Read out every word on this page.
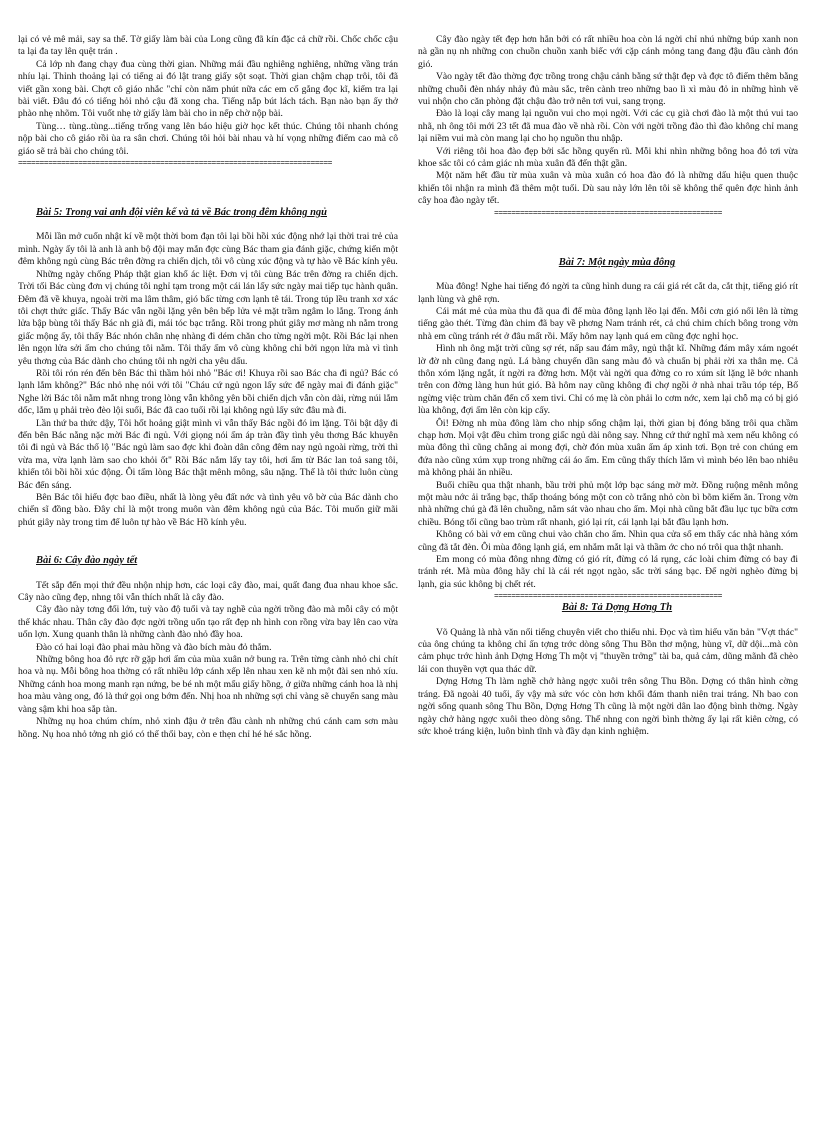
lại có vẻ mê mải, say sa thế. Tờ giấy làm bài của Long cũng đã kín đặc cả chữ rồi. Chốc chốc cậu ta lại đa tay lên quệt trán .

Cả lớp nh đang chạy đua cùng thời gian. Những mái đầu nghiêng nghiêng, những vầng trán nhíu lại. Thỉnh thoảng lại có tiếng ai đó lật trang giấy sột soạt. Thời gian chậm chạp trôi, tôi đã viết gần xong bài. Chợt cô giáo nhắc "chỉ còn năm phút nữa các em cố gắng đọc kĩ, kiểm tra lại bài viết. Đâu đó có tiếng hỏi nhỏ cậu đã xong cha. Tiếng nắp bút lách tách. Bạn nào bạn ấy thở phào nhẹ nhõm. Tôi vuốt nhẹ tờ giấy làm bài cho in nếp chờ nộp bài.

Tùng… tùng..tùng...tiếng trống vang lên báo hiệu giờ học kết thúc. Chúng tôi nhanh chóng nộp bài cho cô giáo rồi ùa ra sân chơi. Chúng tôi hỏi bài nhau và hí vọng những điểm cao mà cô giáo sẽ trả bài cho chúng tôi.

=========================================================================

Bài 5: Trong vai anh đội viên kể và tả về Bác trong đêm không ngủ

Mỗi lần mở cuốn nhật kí về một thời bom đạn tôi lại bồi hồi xúc động nhớ lại thời trai trẻ của mình. Ngày ấy tôi là anh là anh bộ đội may mắn đợc cùng Bác tham gia đánh giặc, chứng kiến một đêm không ngủ cùng Bác trên đờng ra chiến dịch, tôi vô cùng xúc động và tự hào về Bác kính yêu.

Những ngày chống Pháp thật gian khổ ác liệt. Đơn vị tôi cùng Bác trên đờng ra chiến dịch. Trời tối Bác cùng đơn vị chúng tôi nghỉ tạm trong một cái lán lấy sức ngày mai tiếp tục hành quân. Đêm đã về khuya, ngoài trời ma lâm thâm, gió bấc từng cơn lạnh tê tái. Trong túp lều tranh xơ xác tôi chợt thức giấc. Thấy Bác vẫn ngồi lặng yên bên bếp lửa vẻ mặt trầm ngâm lo lắng. Trong ánh lửa bập bùng tôi thấy Bác nh già đi, mái tóc bạc trắng. Rồi trong phút giây mơ màng nh nằm trong giấc mộng ấy, tôi thấy Bác nhón chân nhẹ nhàng đi dém chăn cho từng ngời một. Rồi Bác lại nhen lên ngọn lửa sởi ấm cho chúng tôi nằm. Tôi thấy ấm vô cùng không chỉ bởi ngọn lửa mà vì tình yêu thơng của Bác dành cho chúng tôi nh ngời cha yêu dấu.

Rồi tôi rón rén đến bên Bác thì thầm hỏi nhỏ "Bác ơi! Khuya rồi sao Bác cha đi ngủ? Bác có lạnh lắm không?" Bác nhỏ nhẹ nói với tôi "Cháu cứ ngủ ngon lấy sức để ngày mai đi đánh giặc" Nghe lời Bác tôi nằm mắt nhng trong lòng vẫn không yên bồi chiến dịch vẫn còn dài, rừng núi lắm dốc, lắm ụ phải trèo đèo lội suối, Bác đã cao tuổi rồi lại không ngủ lấy sức đâu mà đi.

Lần thứ ba thức dậy, Tôi hốt hoảng giật mình vì vẫn thấy Bác ngồi đó im lặng. Tôi bật dậy đi đến bên Bác nằng nặc mời Bác đi ngủ. Với giọng nói ấm áp tràn đầy tình yêu thơng Bác khuyên tôi đi ngủ và Bác thổ lộ "Bác ngủ làm sao đợc khi đoàn dân công đêm nay ngủ ngoài rừng, trời thì vừa ma, vừa lạnh làm sao cho khỏi ốt" Rồi Bác nắm lấy tay tôi, hơi ấm từ Bác lan toả sang tôi, khiến tôi bồi hồi xúc động. Ôi tấm lòng Bác thật mênh mông, sâu nặng. Thế là tôi thức luôn cùng Bác đến sáng.

Bên Bác tôi hiểu đợc bao điều, nhất là lòng yêu đất nớc và tình yêu vô bờ của Bác dành cho chiến sĩ đồng bào. Đây chỉ là một trong muôn vàn đêm không ngủ của Bác. Tôi muốn giữ mãi phút giây này trong tim để luôn tự hào về Bác Hồ kính yêu.

Bài 6: Cây đào ngày tết

Tết sắp đến mọi thứ đều nhộn nhịp hơn, các loại cây đào, mai, quất đang đua nhau khoe sắc. Cây nào cũng đẹp, nhng tôi vẫn thích nhất là cây đào.

Cây đào này tơng đối lớn, tuỳ vào độ tuổi và tay nghề của ngời trồng đào mà mỗi cây có một thế khác nhau. Thân cây đào đợc ngời trồng uốn tạo rất đẹp nh hình con rồng vừa bay lên cao vừa uốn lợn. Xung quanh thân là những cành đào nhỏ đầy hoa.

Đào có hai loại đào phai màu hồng và đào bích màu đỏ thắm.

Những bông hoa đỏ rực rỡ gặp hơi ấm của mùa xuân nở bung ra. Trên từng cành nhỏ chi chít hoa và nụ. Mỗi bông hoa thờng có rất nhiều lớp cánh xếp lên nhau xen kẽ nh một đài sen nhỏ xíu. Những cánh hoa mong manh rạn nứng, be bé nh một mẩu giấy hồng, ở giữa những cánh hoa là nhị hoa màu vàng ong, đó là thứ gọi ong bớm đến. Nhị hoa nh những sợi chỉ vàng sẽ chuyển sang màu vàng sậm khi hoa sắp tàn.

Những nụ hoa chúm chím, nhỏ xinh đậu ở trên đầu cành nh những chú cánh cam sơn màu hồng. Nụ hoa nhỏ tởng nh gió có thể thổi bay, còn e thẹn chỉ hé hé sắc hồng.

Cây đào ngày tết đẹp hơn hẳn bởi có rất nhiều hoa còn lá ngời chỉ nhú những búp xanh non nà gần nụ nh những con chuồn chuồn xanh biếc với cặp cánh mỏng tang đang đậu đầu cành đón gió.

Vào ngày tết đào thờng đợc trồng trong chậu cảnh bằng sứ thật đẹp và đợc tô điểm thêm bằng những chuỗi đèn nháy nhảy đủ màu sắc, trên cành treo những bao lì xì màu đỏ in những hình vẽ vui nhộn cho căn phòng đặt chậu đào trở nên tơi vui, sang trọng.

Đào là loại cây mang lại nguồn vui cho mọi ngời. Với các cụ già chơi đào là một thú vui tao nhã, nh ông tôi mới 23 tết đã mua đào về nhà rồi. Còn với ngời trồng đào thì đào không chỉ mang lại niềm vui mà còn mang lại cho họ nguồn thu nhập.

Với riêng tôi hoa đào đẹp bởi sắc hồng quyến rũ. Mỗi khi nhìn những bông hoa đỏ tơi vừa khoe sắc tôi có cảm giác nh mùa xuân đã đến thật gần.

Một năm hết đầu từ mùa xuân và mùa xuân có hoa đào đó là những dấu hiệu quen thuộc khiến tôi nhận ra mình đã thêm một tuổi. Dù sau này lớn lên tôi sẽ không thể quên đợc hình ảnh cây hoa đào ngày tết.

=====================================================

Bài 7: Một ngày mùa đông

Mùa đông! Nghe hai tiếng đó ngời ta cũng hình dung ra cái giá rét cắt da, cắt thịt, tiếng gió rít lạnh lùng và ghê rợn.

Cái mát mẻ của mùa thu đã qua đi để mùa đông lạnh lẽo lại đến. Mỗi cơn gió nổi lên là từng tiếng gào thét. Từng đàn chim đã bay về phơng Nam tránh rét, cả chú chim chích bông trong vờn nhà em cũng tránh rét ở đâu mất rồi. Mấy hôm nay lạnh quá em cũng đợc nghỉ học.

Hình nh ông mặt trời cũng sợ rét, nấp sau đám mây, ngủ thật kĩ. Những đám mây xám ngoét lờ đờ nh cũng đang ngủ. Lá bàng chuyển dần sang màu đỏ và chuẩn bị phải rời xa thân mẹ. Cả thôn xóm lặng ngắt, ít ngời ra đờng hơn. Một vài ngời qua đờng co ro xúm sít lặng lẽ bớc nhanh trên con đờng làng hun hút gió. Bà hôm nay cũng không đi chợ ngồi ở nhà nhai trầu tóp tép, Bố ngừng việc trùm chăn đến cổ xem tivi. Chỉ có mẹ là còn phải lo cơm nớc, xem lại chỗ mạ có bị gió lùa không, đợi ấm lên còn kịp cấy.

Ôi! Đờng nh mùa đông làm cho nhịp sống chậm lại, thời gian bị đóng băng trôi qua chầm chạp hơn. Mọi vật đều chìm trong giấc ngủ dài nông say. Nhng cứ thứ nghĩ mà xem nếu không có mùa đông thì cũng chẳng ai mong đợi, chờ đón mùa xuân ấm áp xinh tơi. Bọn trẻ con chúng em đứa nào cũng xúm xụp trong những cái áo ấm. Em cũng thấy thích lắm vì mình béo lên bao nhiêu mà không phải ăn nhiều.

Buổi chiều qua thật nhanh, bầu trời phủ một lớp bạc sáng mờ mờ. Đồng ruộng mênh mông một màu nớc ải trắng bạc, thấp thoáng bóng một con cò trắng nhỏ còn bì bõm kiếm ăn. Trong vờn nhà những chú gà đã lên chuồng, nằm sát vào nhau cho ấm. Mọi nhà cũng bắt đầu lục tục bữa cơm chiều. Bóng tối cũng bao trùm rất nhanh, gió lại rít, cái lạnh lại bắt đầu lạnh hơn.

Không có bài vở em cũng chui vào chăn cho ấm. Nhìn qua cửa sổ em thấy các nhà hàng xóm cũng đã tắt đèn. Ôi mùa đông lạnh giá, em nhắm mắt lại và thầm ớc cho nó trôi qua thật nhanh.

Em mong có mùa đông nhng đừng có gió rít, đừng có lá rụng, các loài chim đừng có bay đi tránh rét. Mà mùa đông hãy chỉ là cái rét ngọt ngào, sắc trời sáng bạc. Để ngời nghèo đừng bị lạnh, gia súc không bị chết rét.

=====================================================

Bài 8: Tả Dợng Hơng Th

Võ Quảng là nhà văn nổi tiếng chuyên viết cho thiếu nhi. Đọc và tìm hiểu văn bản "Vợt thác" của ông chúng ta không chỉ ấn tợng trớc dòng sông Thu Bồn thơ mộng, hùng vĩ, dữ dội...mà còn cảm phục trớc hình ảnh Dợng Hơng Th một vị "thuyền trởng" tài ba, quả cảm, dũng mãnh đã chèo lái con thuyền vợt qua thác dữ.

Dợng Hơng Th làm nghề chở hàng ngợc xuôi trên sông Thu Bồn. Dợng có thân hình cờng tráng. Đã ngoài 40 tuổi, ấy vậy mà sức vóc còn hơn khối đám thanh niên trai tráng. Nh bao con ngời sống quanh sông Thu Bồn, Dợng Hơng Th cũng là một ngời dân lao động bình thờng. Ngày ngày chở hàng ngợc xuôi theo dòng sông. Thế nhng con ngời bình thờng ấy lại rất kiên cờng, có sức khoẻ tráng kiện, luôn bình tĩnh và đầy dạn kinh nghiệm.
